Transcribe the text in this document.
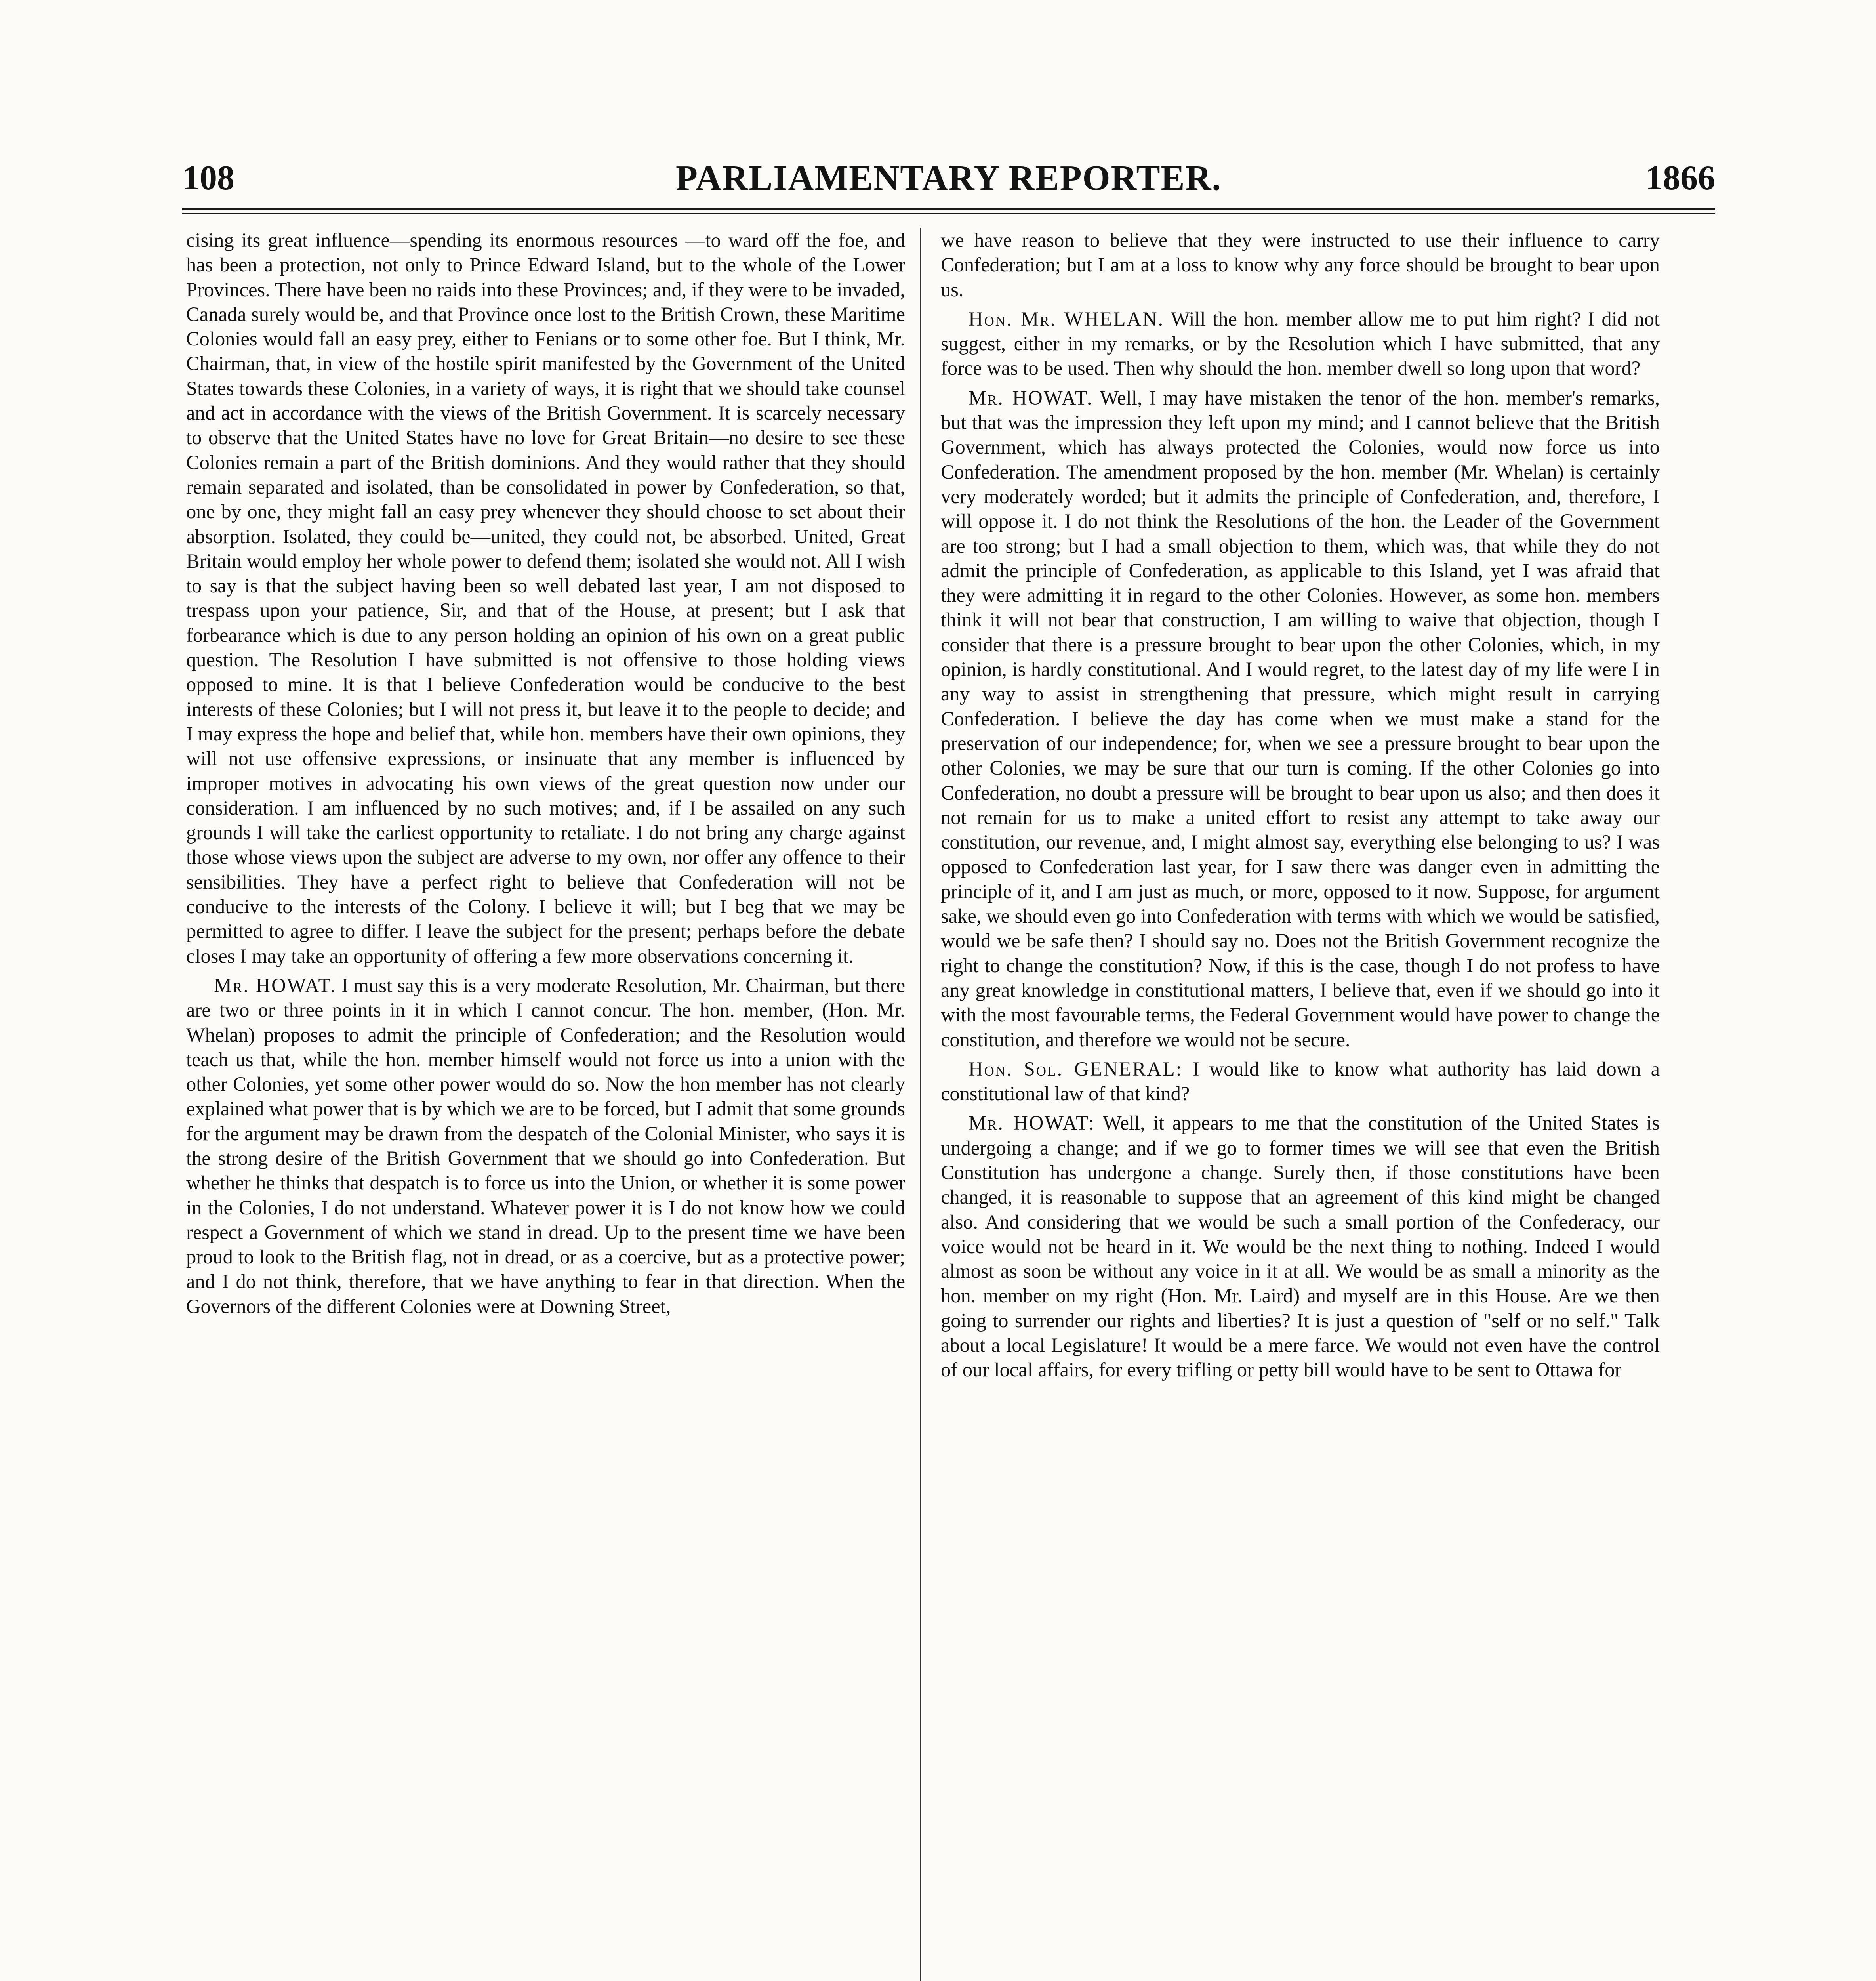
108	PARLIAMENTARY REPORTER.	1866

cising its great influence—spending its enormous resources —to ward off the foe, and has been a protection, not only to Prince Edward Island, but to the whole of the Lower Provinces. There have been no raids into these Provinces; and, if they were to be invaded, Canada surely would be, and that Province once lost to the British Crown, these Maritime Colonies would fall an easy prey, either to Fenians or to some other foe. But I think, Mr. Chairman, that, in view of the hostile spirit manifested by the Government of the United States towards these Colonies, in a variety of ways, it is right that we should take counsel and act in accordance with the views of the British Government. It is scarcely necessary to observe that the United States have no love for Great Britain—no desire to see these Colonies remain a part of the British dominions. And they would rather that they should remain separated and isolated, than be consolidated in power by Confederation, so that, one by one, they might fall an easy prey whenever they should choose to set about their absorption. Isolated, they could be—united, they could not, be absorbed. United, Great Britain would employ her whole power to defend them; isolated she would not. All I wish to say is that the subject having been so well debated last year, I am not disposed to trespass upon your patience, Sir, and that of the House, at present; but I ask that forbearance which is due to any person holding an opinion of his own on a great public question. The Resolution I have submitted is not offensive to those holding views opposed to mine. It is that I believe Confederation would be conducive to the best interests of these Colonies; but I will not press it, but leave it to the people to decide; and I may express the hope and belief that, while hon. members have their own opinions, they will not use offensive expressions, or insinuate that any member is influenced by improper motives in advocating his own views of the great question now under our consideration. I am influenced by no such motives; and, if I be assailed on any such grounds I will take the earliest opportunity to retaliate. I do not bring any charge against those whose views upon the subject are adverse to my own, nor offer any offence to their sensibilities. They have a perfect right to believe that Confederation will not be conducive to the interests of the Colony. I believe it will; but I beg that we may be permitted to agree to differ. I leave the subject for the present; perhaps before the debate closes I may take an opportunity of offering a few more observations concerning it.

Mr. HOWAT. I must say this is a very moderate Resolution, Mr. Chairman, but there are two or three points in it in which I cannot concur. The hon. member, (Hon. Mr. Whelan) proposes to admit the principle of Confederation; and the Resolution would teach us that, while the hon. member himself would not force us into a union with the other Colonies, yet some other power would do so. Now the hon member has not clearly explained what power that is by which we are to be forced, but I admit that some grounds for the argument may be drawn from the despatch of the Colonial Minister, who says it is the strong desire of the British Government that we should go into Confederation. But whether he thinks that despatch is to force us into the Union, or whether it is some power in the Colonies, I do not understand. Whatever power it is I do not know how we could respect a Government of which we stand in dread. Up to the present time we have been proud to look to the British flag, not in dread, or as a coercive, but as a protective power; and I do not think, therefore, that we have anything to fear in that direction. When the Governors of the different Colonies were at Downing Street,

we have reason to believe that they were instructed to use their influence to carry Confederation; but I am at a loss to know why any force should be brought to bear upon us.

Hon. Mr. WHELAN. Will the hon. member allow me to put him right? I did not suggest, either in my remarks, or by the Resolution which I have submitted, that any force was to be used. Then why should the hon. member dwell so long upon that word?

Mr. HOWAT. Well, I may have mistaken the tenor of the hon. member's remarks, but that was the impression they left upon my mind; and I cannot believe that the British Government, which has always protected the Colonies, would now force us into Confederation. The amendment proposed by the hon. member (Mr. Whelan) is certainly very moderately worded; but it admits the principle of Confederation, and, therefore, I will oppose it. I do not think the Resolutions of the hon. the Leader of the Government are too strong; but I had a small objection to them, which was, that while they do not admit the principle of Confederation, as applicable to this Island, yet I was afraid that they were admitting it in regard to the other Colonies. However, as some hon. members think it will not bear that construction, I am willing to waive that objection, though I consider that there is a pressure brought to bear upon the other Colonies, which, in my opinion, is hardly constitutional. And I would regret, to the latest day of my life were I in any way to assist in strengthening that pressure, which might result in carrying Confederation. I believe the day has come when we must make a stand for the preservation of our independence; for, when we see a pressure brought to bear upon the other Colonies, we may be sure that our turn is coming. If the other Colonies go into Confederation, no doubt a pressure will be brought to bear upon us also; and then does it not remain for us to make a united effort to resist any attempt to take away our constitution, our revenue, and, I might almost say, everything else belonging to us? I was opposed to Confederation last year, for I saw there was danger even in admitting the principle of it, and I am just as much, or more, opposed to it now. Suppose, for argument sake, we should even go into Confederation with terms with which we would be satisfied, would we be safe then? I should say no. Does not the British Government recognize the right to change the constitution? Now, if this is the case, though I do not profess to have any great knowledge in constitutional matters, I believe that, even if we should go into it with the most favourable terms, the Federal Government would have power to change the constitution, and therefore we would not be secure.

Hon. Sol. GENERAL: I would like to know what authority has laid down a constitutional law of that kind?

Mr. HOWAT: Well, it appears to me that the constitution of the United States is undergoing a change; and if we go to former times we will see that even the British Constitution has undergone a change. Surely then, if those constitutions have been changed, it is reasonable to suppose that an agreement of this kind might be changed also. And considering that we would be such a small portion of the Confederacy, our voice would not be heard in it. We would be the next thing to nothing. Indeed I would almost as soon be without any voice in it at all. We would be as small a minority as the hon. member on my right (Hon. Mr. Laird) and myself are in this House. Are we then going to surrender our rights and liberties? It is just a question of "self or no self." Talk about a local Legislature! It would be a mere farce. We would not even have the control of our local affairs, for every trifling or petty bill would have to be sent to Ottawa for
